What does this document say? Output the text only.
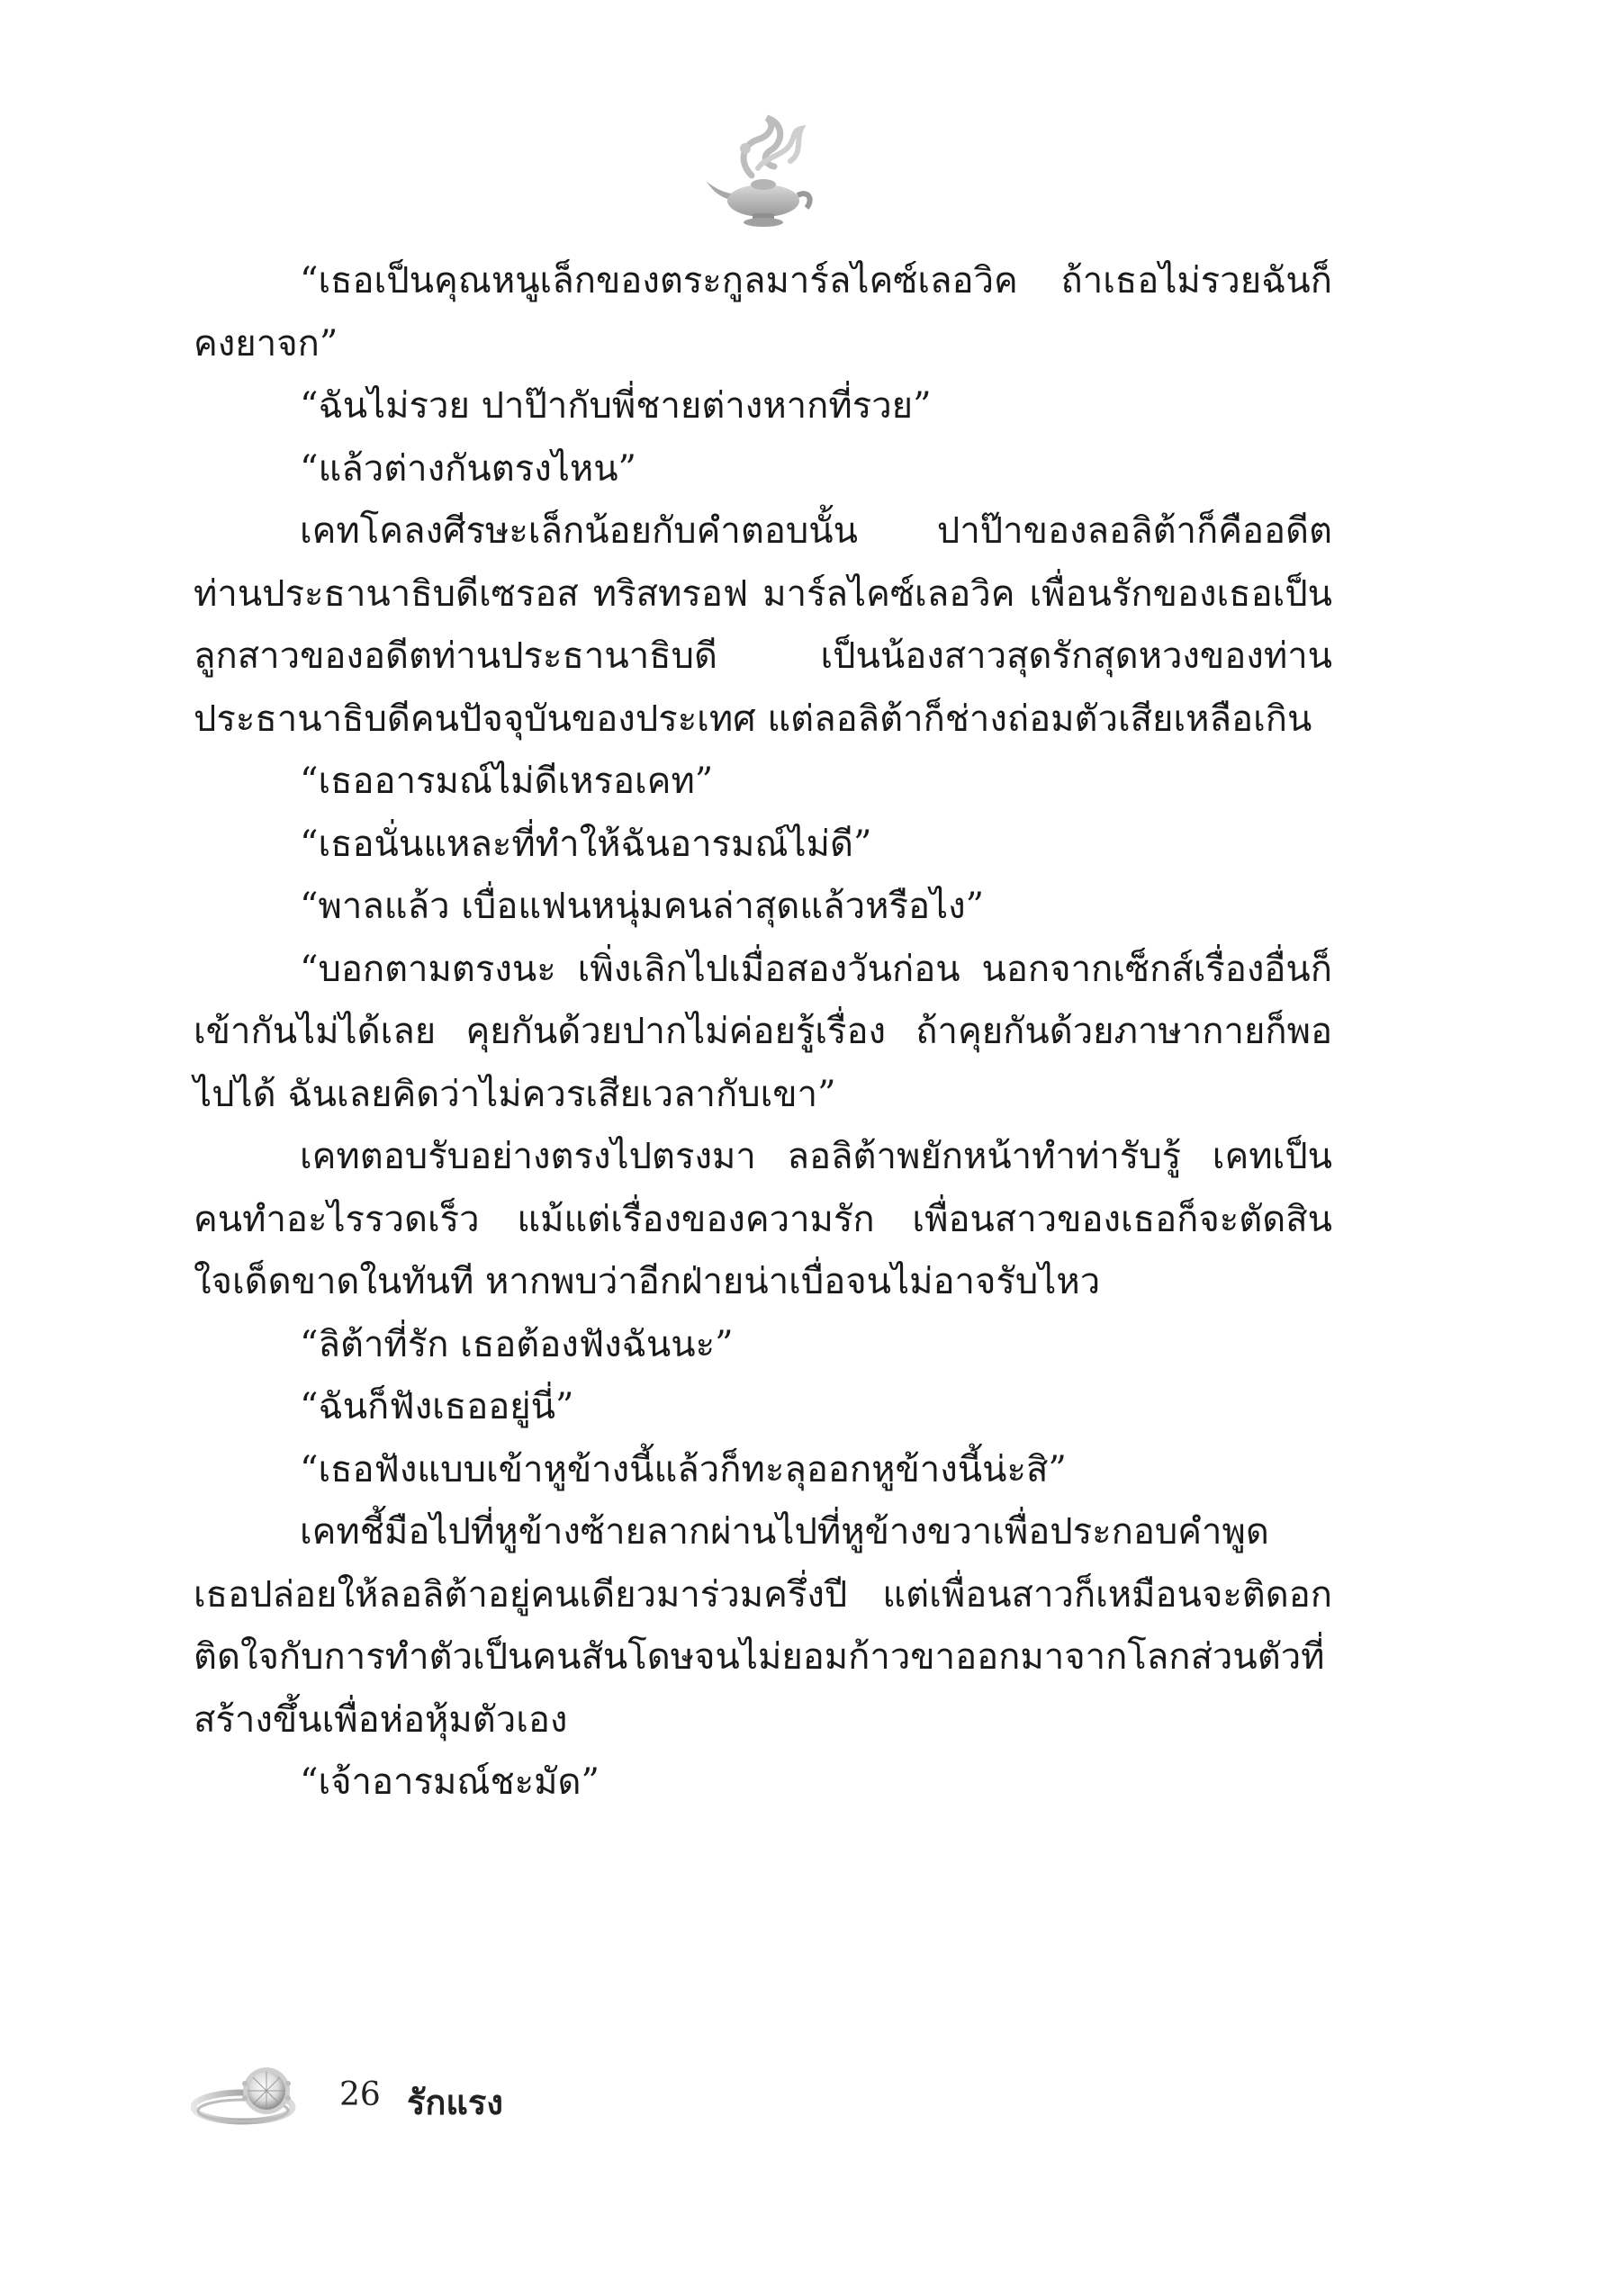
“เธอเป็นคุณหนูเล็กของตระกูลมาร์ลไคซ์เลอวิค ถ้าเธอไม่รวยฉันก็คงยาจก”

“ฉันไม่รวย ปาป๊ากับพี่ชายต่างหากที่รวย”

“แล้วต่างกันตรงไหน”

เคทโคลงศีรษะเล็กน้อยกับคำตอบนั้น ปาป๊าของลอลิต้าก็คืออดีตท่านประธานาธิบดีเซรอส ทริสทรอฟ มาร์ลไคซ์เลอวิค เพื่อนรักของเธอเป็นลูกสาวของอดีตท่านประธานาธิบดี เป็นน้องสาวสุดรักสุดหวงของท่านประธานาธิบดีคนปัจจุบันของประเทศ แต่ลอลิต้าก็ช่างถ่อมตัวเสียเหลือเกิน

“เธออารมณ์ไม่ดีเหรอเคท”

“เธอนั่นแหละที่ทำให้ฉันอารมณ์ไม่ดี”

“พาลแล้ว เบื่อแฟนหนุ่มคนล่าสุดแล้วหรือไง”

“บอกตามตรงนะ เพิ่งเลิกไปเมื่อสองวันก่อน นอกจากเซ็กส์เรื่องอื่นก็เข้ากันไม่ได้เลย คุยกันด้วยปากไม่ค่อยรู้เรื่อง ถ้าคุยกันด้วยภาษากายก็พอไปได้ ฉันเลยคิดว่าไม่ควรเสียเวลากับเขา”

เคทตอบรับอย่างตรงไปตรงมา ลอลิต้าพยักหน้าทำท่ารับรู้ เคทเป็นคนทำอะไรรวดเร็ว แม้แต่เรื่องของความรัก เพื่อนสาวของเธอก็จะตัดสินใจเด็ดขาดในทันที หากพบว่าอีกฝ่ายน่าเบื่อจนไม่อาจรับไหว

“ลิต้าที่รัก เธอต้องฟังฉันนะ”

“ฉันก็ฟังเธออยู่นี่”

“เธอฟังแบบเข้าหูข้างนี้แล้วก็ทะลุออกหูข้างนี้น่ะสิ”

เคทชี้มือไปที่หูข้างซ้ายลากผ่านไปที่หูข้างขวาเพื่อประกอบคำพูด เธอปล่อยให้ลอลิต้าอยู่คนเดียวมาร่วมครึ่งปี แต่เพื่อนสาวก็เหมือนจะติดอกติดใจกับการทำตัวเป็นคนสันโดษจนไม่ยอมก้าวขาออกมาจากโลกส่วนตัวที่สร้างขึ้นเพื่อห่อหุ้มตัวเอง

“เจ้าอารมณ์ชะมัด”

26 รักแรง
